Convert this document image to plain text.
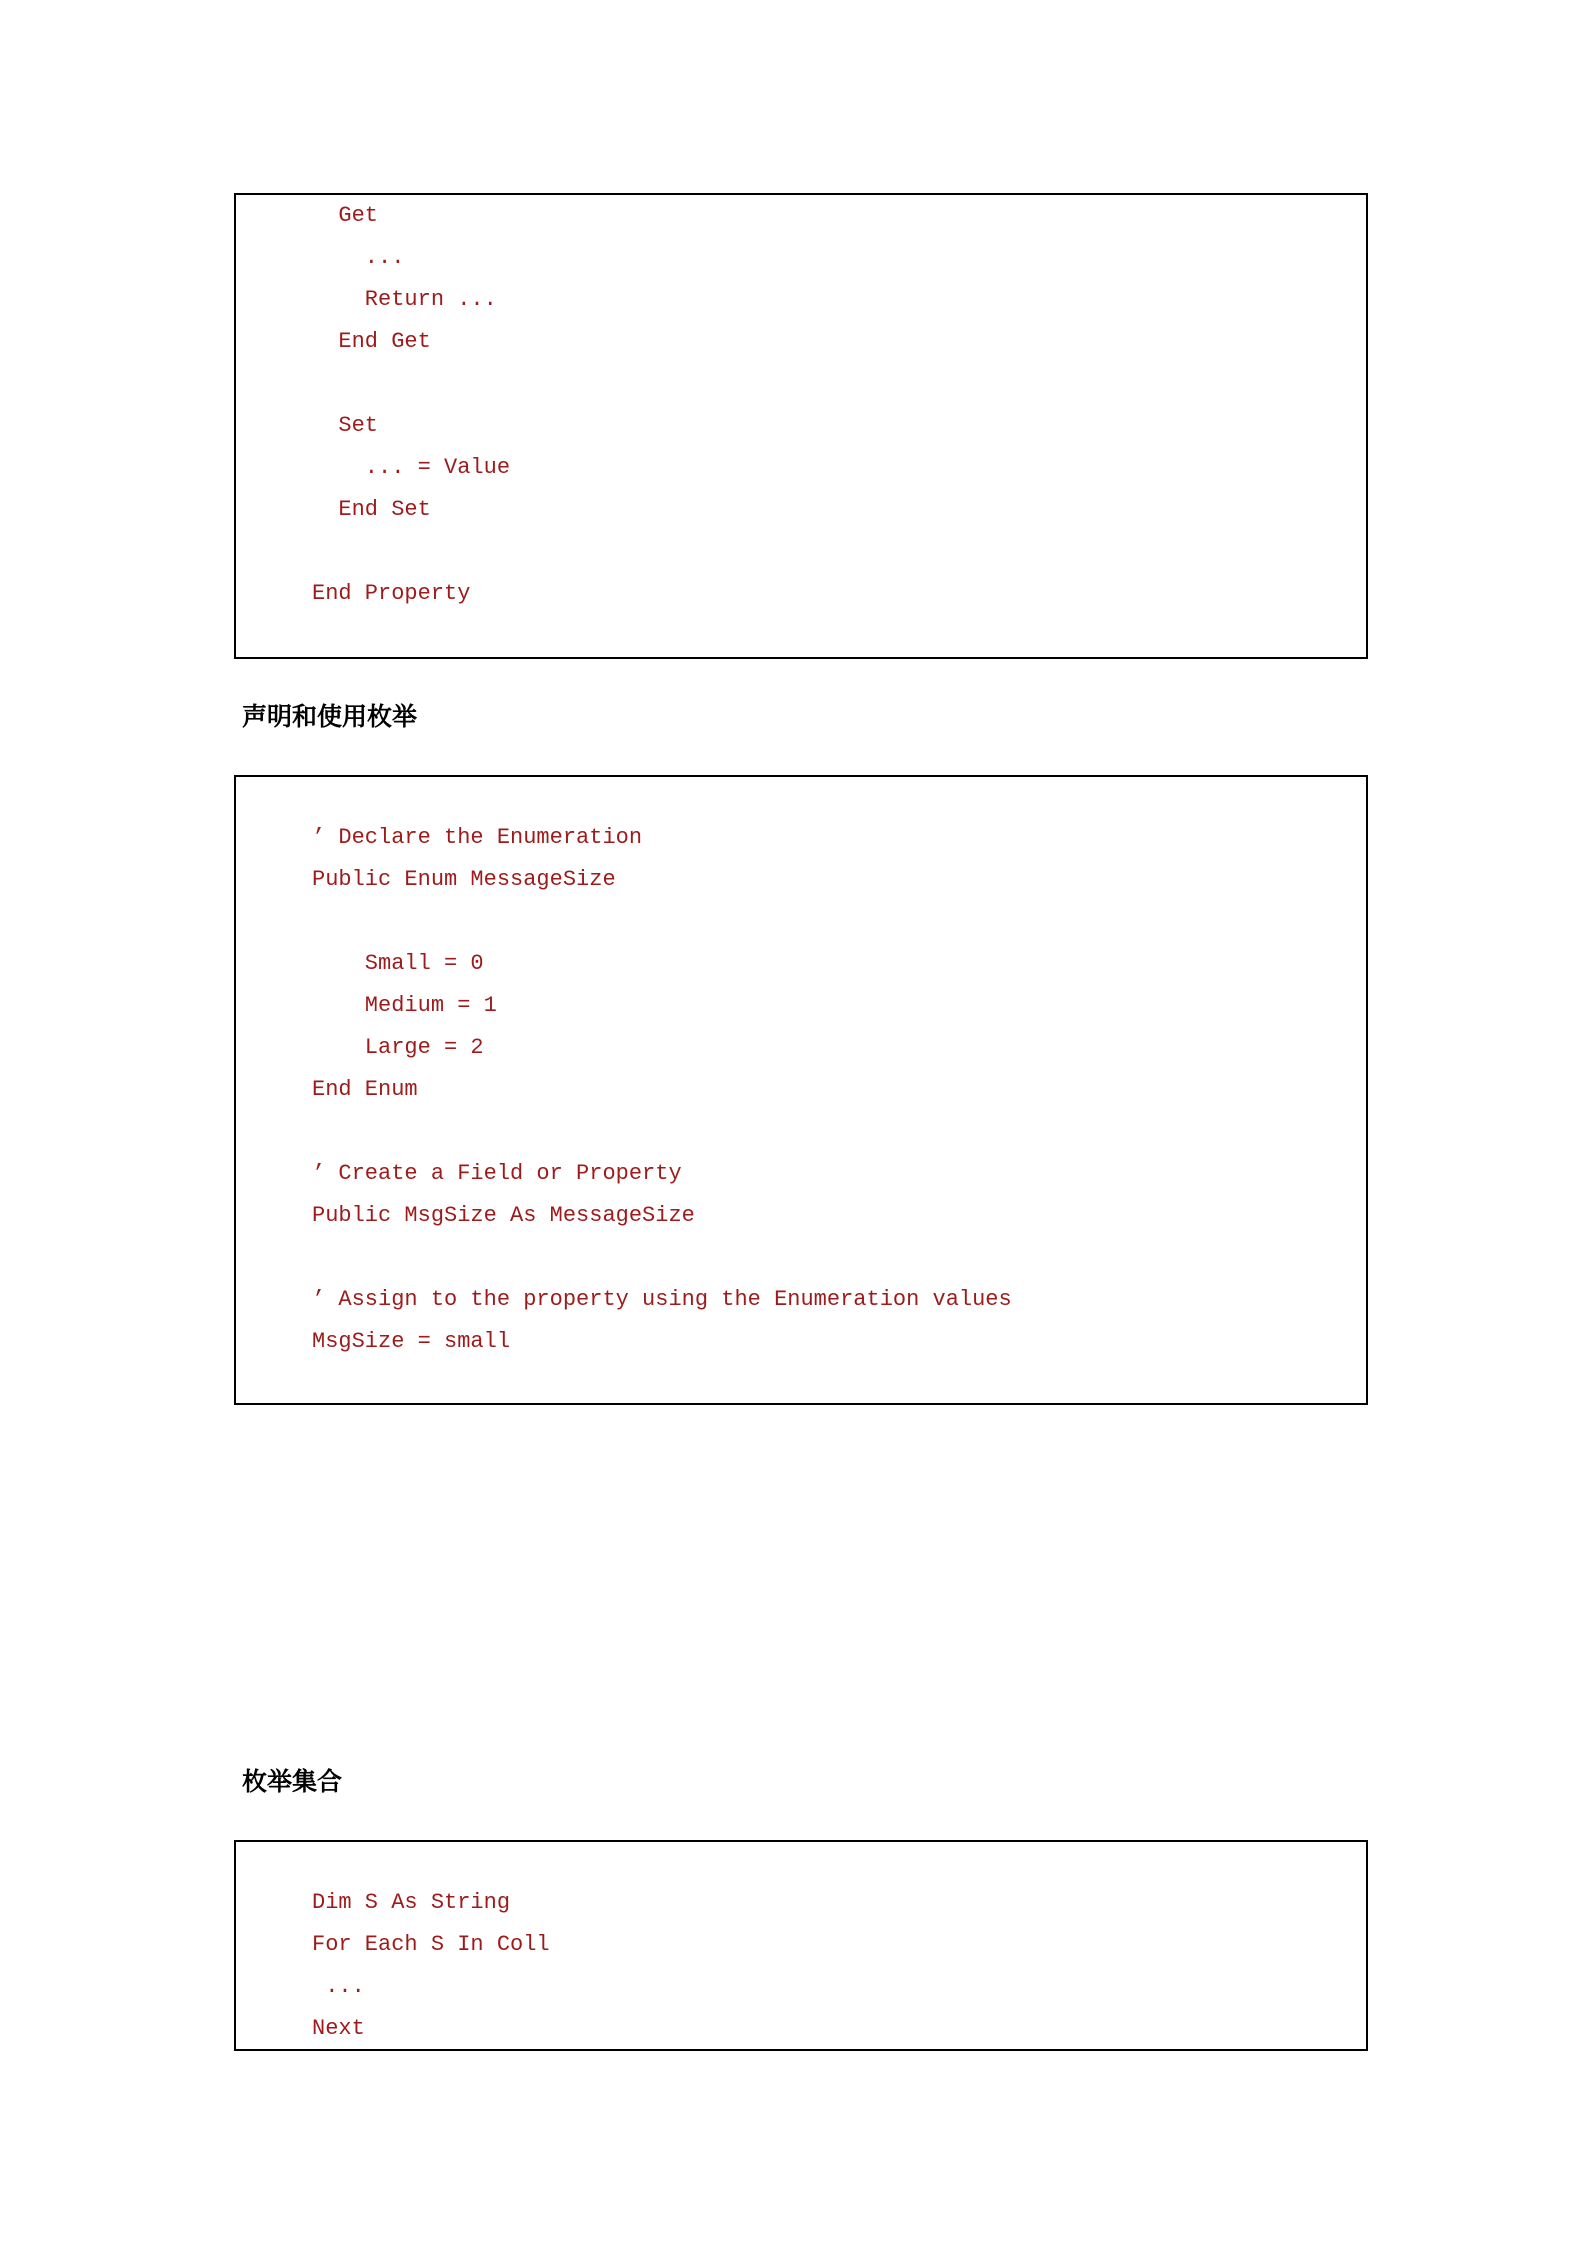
Get
...
Return ...
End Get
Set
... = Value
End Set
End Property
声明和使用枚举
’ Declare the Enumeration
Public Enum MessageSize
Small = 0
Medium = 1
Large = 2
End Enum
’ Create a Field or Property
Public MsgSize As MessageSize
’ Assign to the property using the Enumeration values
MsgSize = small
枚举集合
Dim S As String
For Each S In Coll
...
Next
